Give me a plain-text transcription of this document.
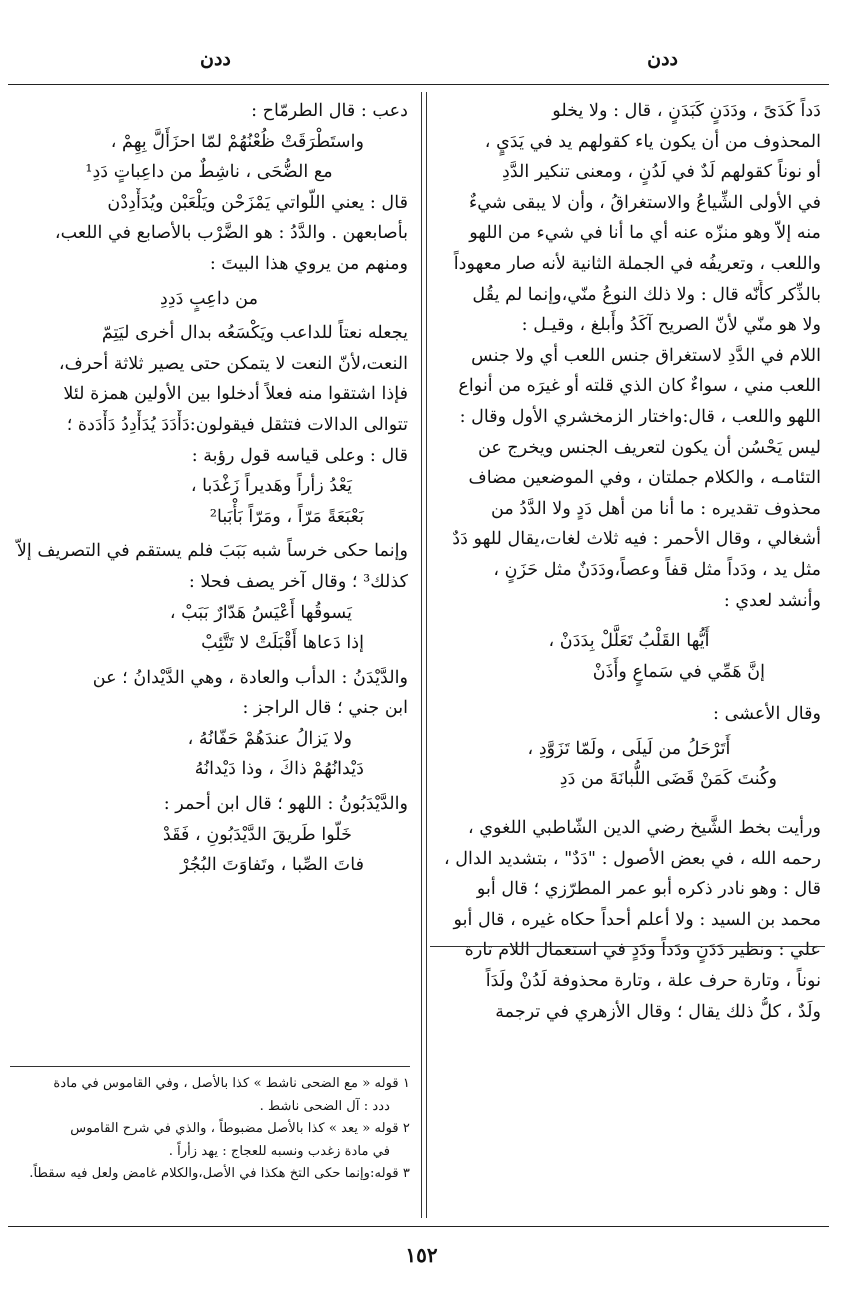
ددن
ددن
دَداً كَدَىً ، ودَدَنٍ كَبَدَنٍ ، قال : ولا يخلو
المحذوف من أن يكون ياء كقولهم يد في يَدَيٍ ،
أو نوناً كقولهم لَدٌ في لَدُنٍ ، ومعنى تنكير الدَّدِ
في الأولى الشِّياعُ والاستغراقُ ، وأن لا يبقى شيءٌ
منه إلاّ وهو منزّه عنه أي ما أنا في شيء من اللهو
واللعب ، وتعريفُه في الجملة الثانية لأنه صار معهوداً
بالذِّكر كأَنّه قال : ولا ذلك النوعُ منّي،وإنما لم يقُل
ولا هو منّي لأنّ الصريح آكَدُ وأَبلغ ، وقيـل :
اللام في الدَّدِ لاستغراق جنس اللعب أي ولا جنس
اللعب مني ، سواءٌ كان الذي قلته أو غيرَه من أنواع
اللهو واللعب ، قال:واختار الزمخشري الأول وقال :
ليس يَحْسُن أن يكون لتعريف الجنس ويخرج عن
التئامـه ، والكلام جملتان ، وفي الموضعين مضاف
محذوف تقديره : ما أنا من أهل دَدٍ ولا الدَّدُ من
أشغالي ، وقال الأحمر : فيه ثلاث لغات،يقال للهو دَدٌ
مثل يد ، ودَداً مثل قفاً وعصاً،ودَدَنٌ مثل حَزَنٍ ،
وأنشد لعدي :
أَيُّها القَلْبُ تَعَلَّلْ بِدَدَنْ ،
إنَّ هَمِّي في سَماعٍ وأَذَنْ
وقال الأعشى :
أَتَرْحَلُ من لَيلَى ، ولَمّا تَزَوَّدِ ،
وكُنتَ كَمَنْ قَضَى اللُّبانَةَ من دَدِ
ورأيت بخط الشَّيخ رضي الدين الشّاطبي اللغوي ،
رحمه الله ، في بعض الأصول : "دَدٌ" ، بتشديد الدال ،
قال : وهو نادر ذكره أبو عمر المطرّزي ؛ قال أبو
محمد بن السيد : ولا أعلم أحداً حكاه غيره ، قال أبو
علي : ونظير دَدَنٍ ودَداً ودَدٍ في استعمال اللام تارة
نوناً ، وتارة حرف علة ، وتارة محذوفة لَدُنْ ولَدَاً
ولَدٌ ، كلُّ ذلك يقال ؛ وقال الأزهري في ترجمة
دعب : قال الطرمّاح :
واستَطْرَقَتْ ظُعْنُهُمْ لمّا احزَأَلَّ بِهِمْ ،
مع الضُّحَى ، ناشِطٌ من داعِباتٍ دَدِ¹
قال : يعني اللّواتي يَمْزَحْن ويَلْعَبْن ويُدَأْدِدْن
بأصابعهن . والدَّدُ : هو الضَّرْب بالأصابع في اللعب،
ومنهم من يروي هذا البيتَ :
من داعِبٍ دَدِدِ
يجعله نعتاً للداعب ويَكْسَعُه بدال أخرى ليَتِمّ
النعت،لأنّ النعت لا يتمكن حتى يصير ثلاثة أحرف،
فإذا اشتقوا منه فعلاً أدخلوا بين الأولين همزة لئلا
تتوالى الدالات فتثقل فيقولون:دَأْدَدَ يُدَأْدِدُ دَأْدَدة ؛
قال : وعلى قياسه قول رؤبة :
يَعْدُ زأراً وهَديراً زَغْدَبا ،
بَعْبَعَةً مَرّاً ، ومَرّاً بَأْبَبا²
وإنما حكى خرساً شبه بَبَبَ فلم يستقم في التصريف إلاّ
كذلك³ ؛ وقال آخر يصف فحلا :
يَسوقُها أَعْيَسُ هَدّارٌ بَبَبْ ،
إذا دَعاها أَقْبَلَتْ لا تَتَّئِبْ
والدَّيْدَنُ : الدأب والعادة ، وهي الدَّيْدانُ ؛ عن
ابن جني ؛ قال الراجز :
ولا يَزالُ عندَهُمْ حَفّانُهُ ،
دَيْدانُهُمْ ذاكَ ، وذا دَيْدانُهُ
والدَّيْدَبُونُ : اللهو ؛ قال ابن أحمر :
خَلّوا طَريقَ الدَّيْدَبُونِ ، فَقَدْ
فاتَ الصِّبا ، وتَفاوَتَ البُجُرْ
١ قوله « مع الضحى ناشط » كذا بالأصل ، وفي القاموس في مادة
ددد : آل الضحى ناشط .
٢ قوله « يعد » كذا بالأصل مضبوطاً ، والذي في شرح القاموس
في مادة زغدب ونسبه للعجاج : يهد زأراً .
٣ قوله:وإنما حكى التخ هكذا في الأصل،والكلام غامض ولعل فيه سقطاً.
١٥٢
